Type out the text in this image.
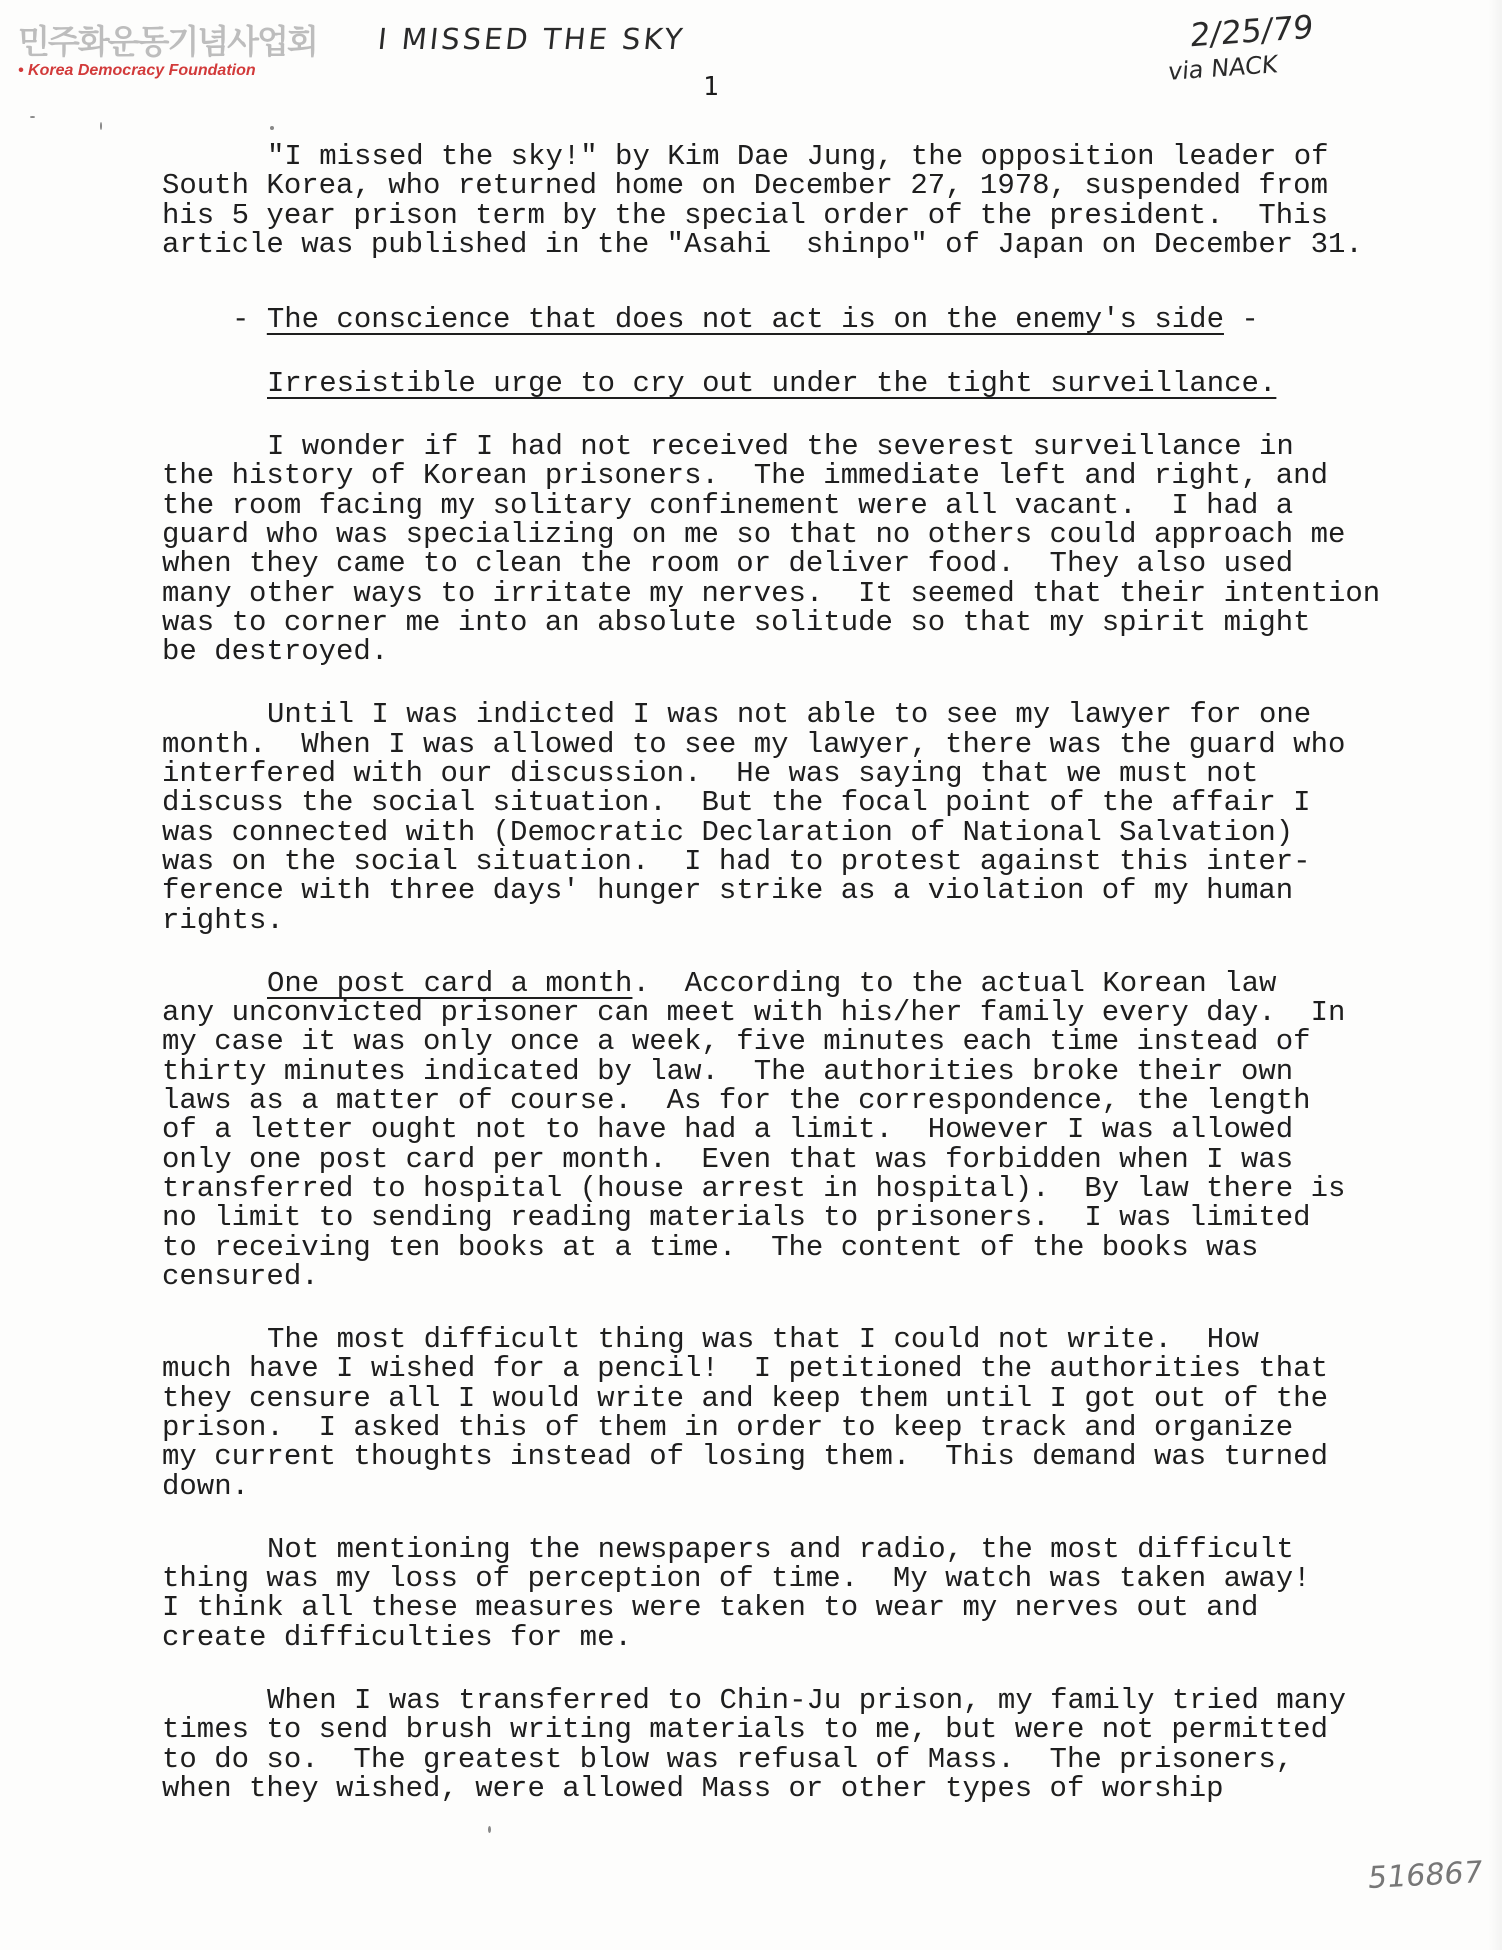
민주화운동기념사업회
• Korea Democracy Foundation
I MISSED THE SKY	2/25/79
via NACK
1
"I missed the sky!" by Kim Dae Jung, the opposition leader of
South Korea, who returned home on December 27, 1978, suspended from
his 5 year prison term by the special order of the president.  This
article was published in the "Asahi  shinpo" of Japan on December 31.
- The conscience that does not act is on the enemy's side -
Irresistible urge to cry out under the tight surveillance.
I wonder if I had not received the severest surveillance in
the history of Korean prisoners.  The immediate left and right, and
the room facing my solitary confinement were all vacant.  I had a
guard who was specializing on me so that no others could approach me
when they came to clean the room or deliver food.  They also used
many other ways to irritate my nerves.  It seemed that their intention
was to corner me into an absolute solitude so that my spirit might
be destroyed.
Until I was indicted I was not able to see my lawyer for one
month.  When I was allowed to see my lawyer, there was the guard who
interfered with our discussion.  He was saying that we must not
discuss the social situation.  But the focal point of the affair I
was connected with (Democratic Declaration of National Salvation)
was on the social situation.  I had to protest against this inter-
ference with three days' hunger strike as a violation of my human
rights.
One post card a month.  According to the actual Korean law
any unconvicted prisoner can meet with his/her family every day.  In
my case it was only once a week, five minutes each time instead of
thirty minutes indicated by law.  The authorities broke their own
laws as a matter of course.  As for the correspondence, the length
of a letter ought not to have had a limit.  However I was allowed
only one post card per month.  Even that was forbidden when I was
transferred to hospital (house arrest in hospital).  By law there is
no limit to sending reading materials to prisoners.  I was limited
to receiving ten books at a time.  The content of the books was
censured.
The most difficult thing was that I could not write.  How
much have I wished for a pencil!  I petitioned the authorities that
they censure all I would write and keep them until I got out of the
prison.  I asked this of them in order to keep track and organize
my current thoughts instead of losing them.  This demand was turned
down.
Not mentioning the newspapers and radio, the most difficult
thing was my loss of perception of time.  My watch was taken away!
I think all these measures were taken to wear my nerves out and
create difficulties for me.
When I was transferred to Chin-Ju prison, my family tried many
times to send brush writing materials to me, but were not permitted
to do so.  The greatest blow was refusal of Mass.  The prisoners,
when they wished, were allowed Mass or other types of worship
516867
